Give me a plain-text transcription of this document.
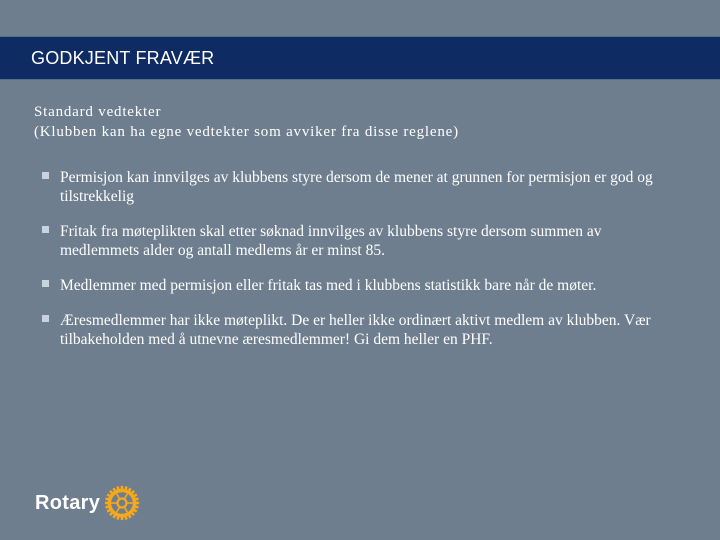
GODKJENT FRAVÆR
Standard vedtekter
(Klubben kan ha egne vedtekter som avviker fra disse reglene)
Permisjon kan innvilges av klubbens styre dersom de mener at grunnen for permisjon er god og tilstrekkelig
Fritak fra møteplikten skal etter søknad innvilges av klubbens styre dersom summen av medlemmets alder og antall medlems år er minst 85.
Medlemmer med permisjon eller fritak tas med i klubbens statistikk bare når de møter.
Æresmedlemmer har ikke møteplikt. De er heller ikke ordinært aktivt medlem av klubben. Vær tilbakeholden med å utnevne æresmedlemmer! Gi dem heller en PHF.
Rotary
